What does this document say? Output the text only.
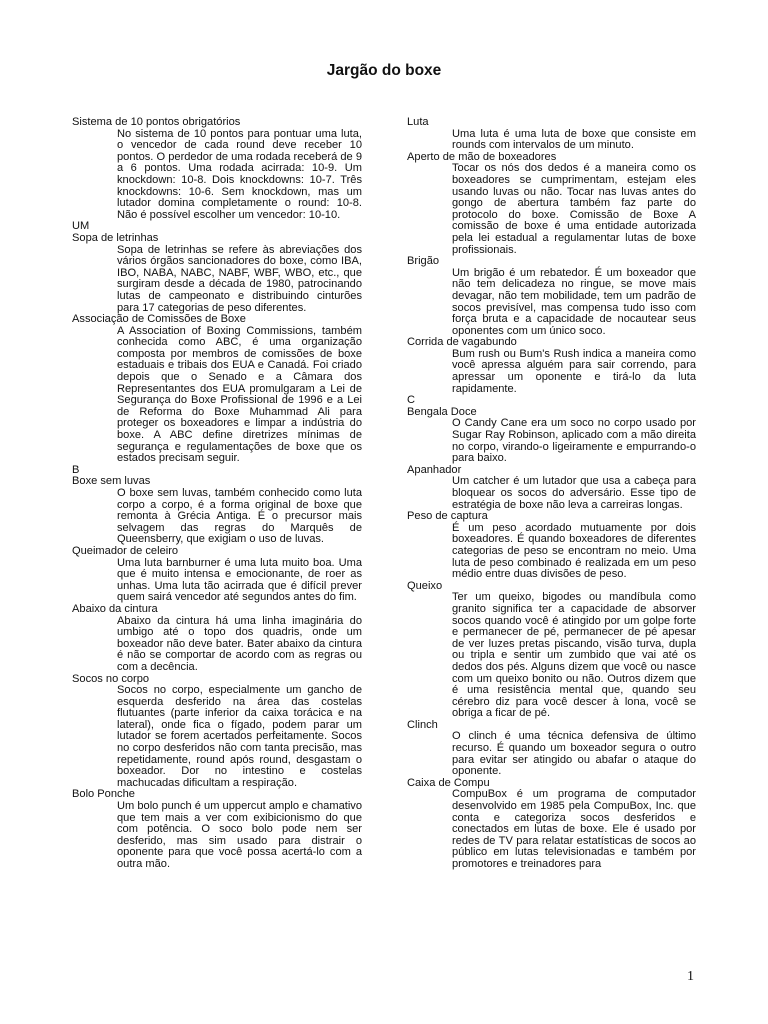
Jargão do boxe
Sistema de 10 pontos obrigatórios
No sistema de 10 pontos para pontuar uma luta, o vencedor de cada round deve receber 10 pontos. O perdedor de uma rodada receberá de 9 a 6 pontos. Uma rodada acirrada: 10-9. Um knockdown: 10-8. Dois knockdowns: 10-7. Três knockdowns: 10-6. Sem knockdown, mas um lutador domina completamente o round: 10-8. Não é possível escolher um vencedor: 10-10.
UM
Sopa de letrinhas
Sopa de letrinhas se refere às abreviações dos vários órgãos sancionadores do boxe, como IBA, IBO, NABA, NABC, NABF, WBF, WBO, etc., que surgiram desde a década de 1980, patrocinando lutas de campeonato e distribuindo cinturões para 17 categorias de peso diferentes.
Associação de Comissões de Boxe
A Association of Boxing Commissions, também conhecida como ABC, é uma organização composta por membros de comissões de boxe estaduais e tribais dos EUA e Canadá. Foi criado depois que o Senado e a Câmara dos Representantes dos EUA promulgaram a Lei de Segurança do Boxe Profissional de 1996 e a Lei de Reforma do Boxe Muhammad Ali para proteger os boxeadores e limpar a indústria do boxe. A ABC define diretrizes mínimas de segurança e regulamentações de boxe que os estados precisam seguir.
B
Boxe sem luvas
O boxe sem luvas, também conhecido como luta corpo a corpo, é a forma original de boxe que remonta à Grécia Antiga. É o precursor mais selvagem das regras do Marquês de Queensberry, que exigiam o uso de luvas.
Queimador de celeiro
Uma luta barnburner é uma luta muito boa. Uma que é muito intensa e emocionante, de roer as unhas. Uma luta tão acirrada que é difícil prever quem sairá vencedor até segundos antes do fim.
Abaixo da cintura
Abaixo da cintura há uma linha imaginária do umbigo até o topo dos quadris, onde um boxeador não deve bater. Bater abaixo da cintura é não se comportar de acordo com as regras ou com a decência.
Socos no corpo
Socos no corpo, especialmente um gancho de esquerda desferido na área das costelas flutuantes (parte inferior da caixa torácica e na lateral), onde fica o fígado, podem parar um lutador se forem acertados perfeitamente. Socos no corpo desferidos não com tanta precisão, mas repetidamente, round após round, desgastam o boxeador. Dor no intestino e costelas machucadas dificultam a respiração.
Bolo Ponche
Um bolo punch é um uppercut amplo e chamativo que tem mais a ver com exibicionismo do que com potência. O soco bolo pode nem ser desferido, mas sim usado para distrair o oponente para que você possa acertá-lo com a outra mão.
Luta
Uma luta é uma luta de boxe que consiste em rounds com intervalos de um minuto.
Aperto de mão de boxeadores
Tocar os nós dos dedos é a maneira como os boxeadores se cumprimentam, estejam eles usando luvas ou não. Tocar nas luvas antes do gongo de abertura também faz parte do protocolo do boxe. Comissão de Boxe A comissão de boxe é uma entidade autorizada pela lei estadual a regulamentar lutas de boxe profissionais.
Brigão
Um brigão é um rebatedor. É um boxeador que não tem delicadeza no ringue, se move mais devagar, não tem mobilidade, tem um padrão de socos previsível, mas compensa tudo isso com força bruta e a capacidade de nocautear seus oponentes com um único soco.
Corrida de vagabundo
Bum rush ou Bum's Rush indica a maneira como você apressa alguém para sair correndo, para apressar um oponente e tirá-lo da luta rapidamente.
C
Bengala Doce
O Candy Cane era um soco no corpo usado por Sugar Ray Robinson, aplicado com a mão direita no corpo, virando-o ligeiramente e empurrando-o para baixo.
Apanhador
Um catcher é um lutador que usa a cabeça para bloquear os socos do adversário. Esse tipo de estratégia de boxe não leva a carreiras longas.
Peso de captura
É um peso acordado mutuamente por dois boxeadores. É quando boxeadores de diferentes categorias de peso se encontram no meio. Uma luta de peso combinado é realizada em um peso médio entre duas divisões de peso.
Queixo
Ter um queixo, bigodes ou mandíbula como granito significa ter a capacidade de absorver socos quando você é atingido por um golpe forte e permanecer de pé, permanecer de pé apesar de ver luzes pretas piscando, visão turva, dupla ou tripla e sentir um zumbido que vai até os dedos dos pés. Alguns dizem que você ou nasce com um queixo bonito ou não. Outros dizem que é uma resistência mental que, quando seu cérebro diz para você descer à lona, você se obriga a ficar de pé.
Clinch
O clinch é uma técnica defensiva de último recurso. É quando um boxeador segura o outro para evitar ser atingido ou abafar o ataque do oponente.
Caixa de Compu
CompuBox é um programa de computador desenvolvido em 1985 pela CompuBox, Inc. que conta e categoriza socos desferidos e conectados em lutas de boxe. Ele é usado por redes de TV para relatar estatísticas de socos ao público em lutas televisionadas e também por promotores e treinadores para
1
